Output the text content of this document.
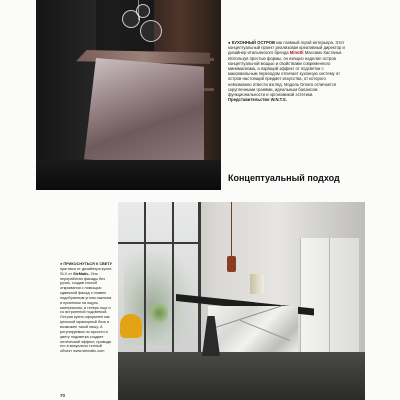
● КУХОННЫЙ ОСТРОВ как главный герой интерьера. Этот концептуальный проект реализован креативный директор и дизайнер итальянского бренда Minotti Массимо Кастанья. Используя простые формы, он изящно наделил остров концептуальной мощью и свойствами современного минимализма, а парящий эффект от подсветки с максимальным переходом отличает кухонную систему от остров-настоящий предмет искусства, от которого невозможно отвести взгляд. Модель Ornaro отличается скругленными гранями, идеальным балансом функциональности и эргономикой эстетики. Представительство W.N.T.S.
Концептуальный подход
● ПРИКОСНУТЬСЯ К СВЕТУ пригласи от дизайнера кухни SLX от SieMatic. Они переработан фасады без ручек, создав способ открывания с помощью сдвижной фасад с плавно подобранным углом наклона и приятным на ощупь материалом, а теперь еще и со встроенной подсветкой. Острая кухня оформлен как цельный мраморный блок и возможен такой нишу. А регулируемая по яркости и цвету подсветка создает оптический эффект, приводя его в визуально теплый объект www.siematic.com
70
